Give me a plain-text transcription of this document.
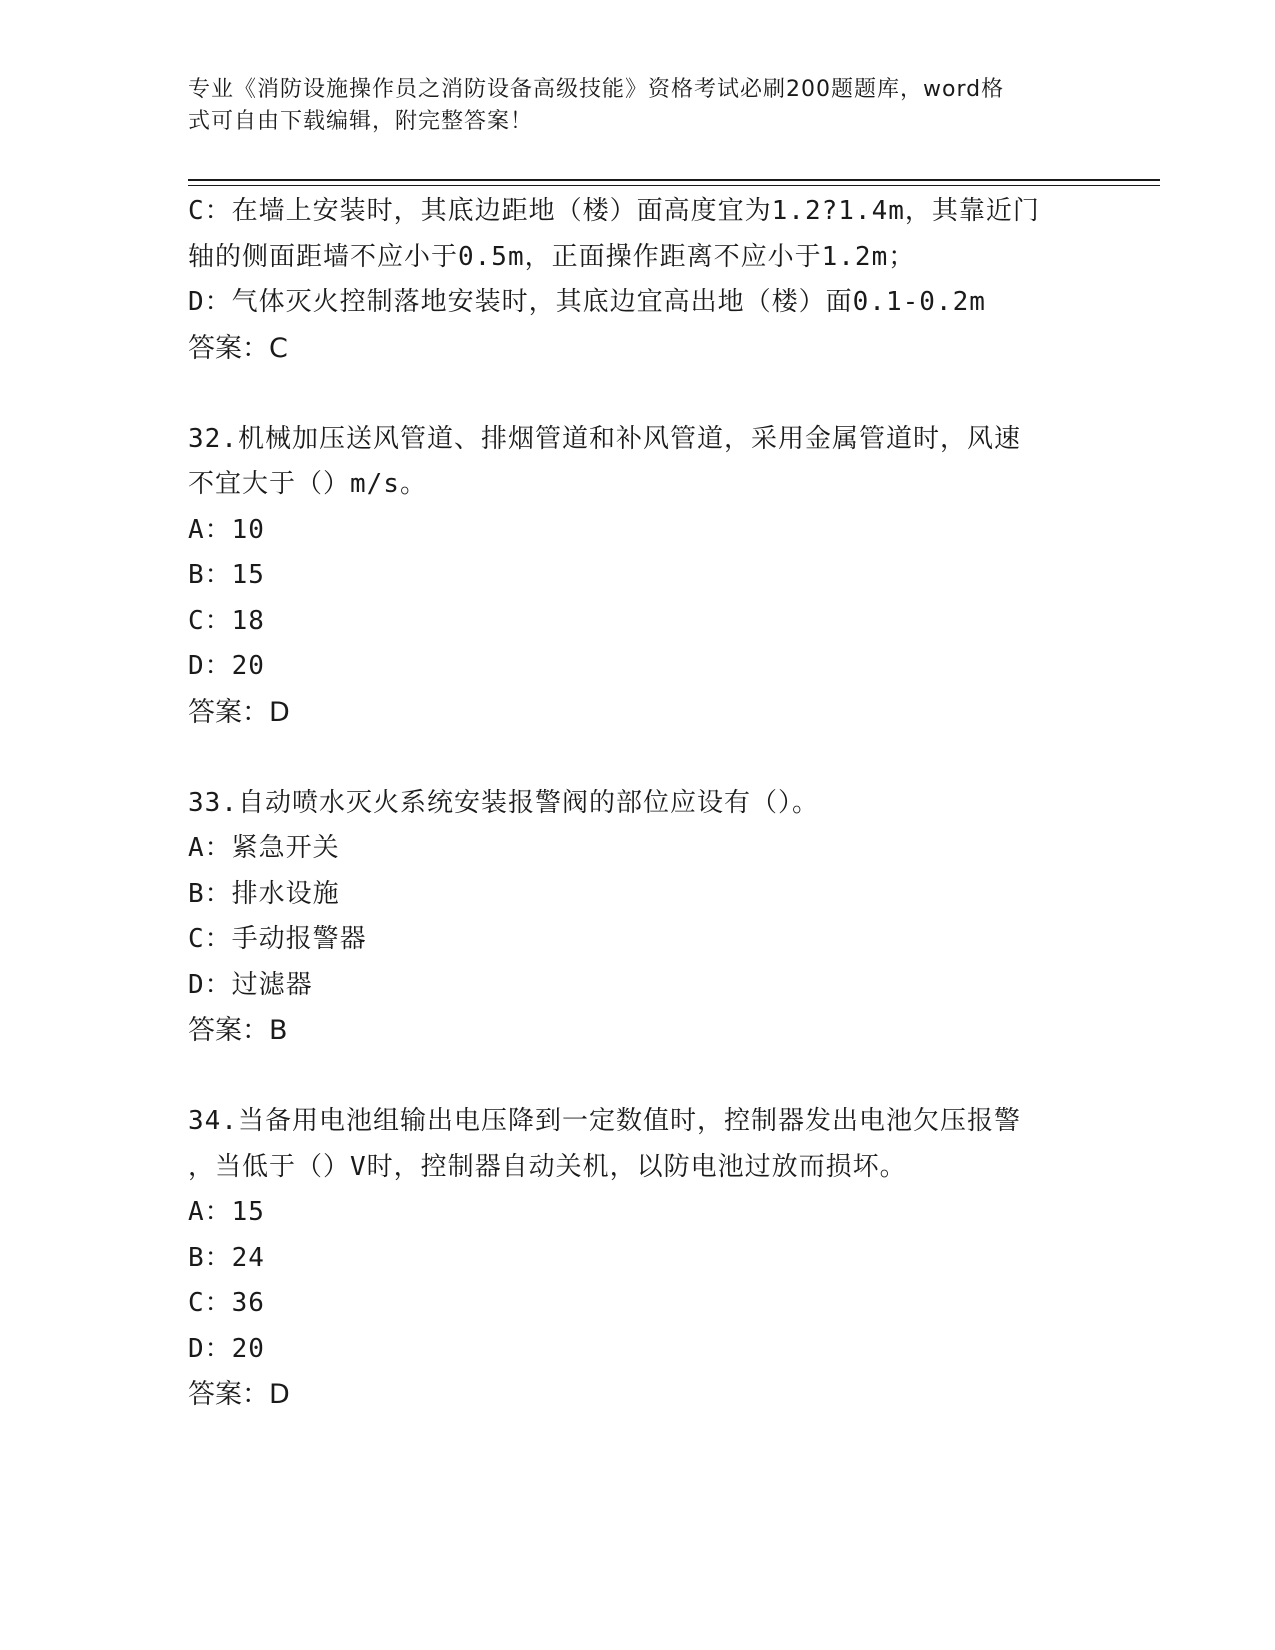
专业《消防设施操作员之消防设备高级技能》资格考试必刷200题题库，word格
式可自由下载编辑，附完整答案！
C：在墙上安装时，其底边距地（楼）面高度宜为1.2?1.4m，其靠近门
轴的侧面距墙不应小于0.5m，正面操作距离不应小于1.2m；
D：气体灭火控制落地安装时，其底边宜高出地（楼）面0.1-0.2m
答案：C
32.机械加压送风管道、排烟管道和补风管道，采用金属管道时，风速
不宜大于（）m/s。
A：10
B：15
C：18
D：20
答案：D
33.自动喷水灭火系统安装报警阀的部位应设有（）。
A：紧急开关
B：排水设施
C：手动报警器
D：过滤器
答案：B
34.当备用电池组输出电压降到一定数值时，控制器发出电池欠压报警
，当低于（）V时，控制器自动关机，以防电池过放而损坏。
A：15
B：24
C：36
D：20
答案：D
